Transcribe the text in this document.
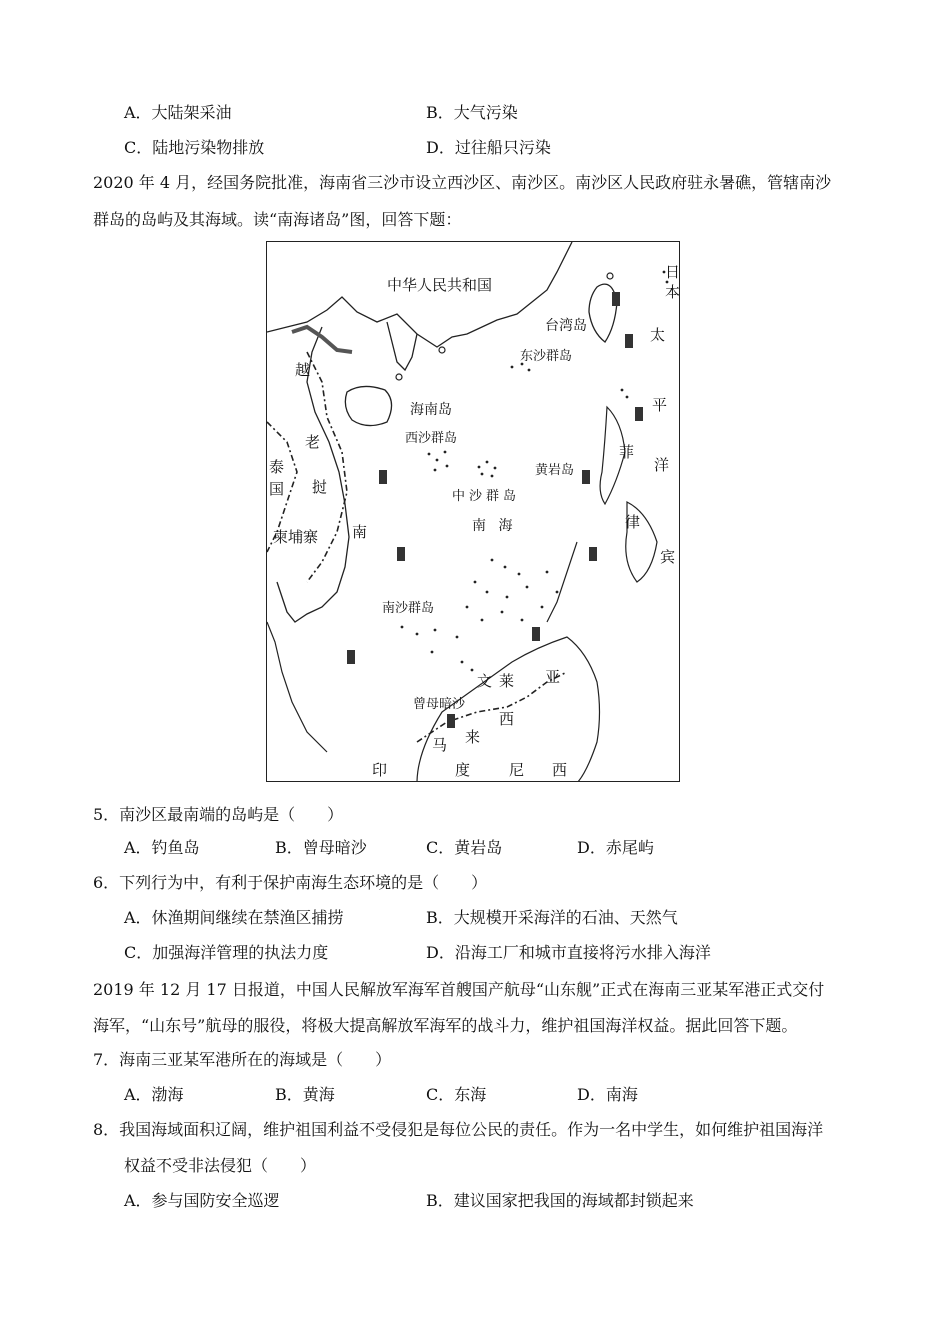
A．大陆架采油	B．大气污染
C．陆地污染物排放	D．过往船只污染
2020 年 4 月，经国务院批准，海南省三沙市设立西沙区、南沙区。南沙区人民政府驻永暑礁，管辖南沙
群岛的岛屿及其海域。读“南海诸岛”图，回答下题：
中华人民共和国
台湾岛
东沙群岛
海南岛
西沙群岛
黄岩岛
中沙群岛
南 海
南沙群岛
曾母暗沙
越
老
挝
泰
国
柬埔寨 南
日
本
太
平
洋
菲
律
宾
文 莱 亚
西
马 来
印	度	尼 西
5．南沙区最南端的岛屿是（　　）
A．钓鱼岛	B．曾母暗沙	C．黄岩岛	D．赤尾屿
6．下列行为中，有利于保护南海生态环境的是（　　）
A．休渔期间继续在禁渔区捕捞	B．大规模开采海洋的石油、天然气
C．加强海洋管理的执法力度	D．沿海工厂和城市直接将污水排入海洋
2019 年 12 月 17 日报道，中国人民解放军海军首艘国产航母“山东舰”正式在海南三亚某军港正式交付
海军，“山东号”航母的服役，将极大提高解放军海军的战斗力，维护祖国海洋权益。据此回答下题。
7．海南三亚某军港所在的海域是（　　）
A．渤海	B．黄海	C．东海	D．南海
8．我国海域面积辽阔，维护祖国利益不受侵犯是每位公民的责任。作为一名中学生，如何维护祖国海洋
权益不受非法侵犯（　　）
A．参与国防安全巡逻	B．建议国家把我国的海域都封锁起来
